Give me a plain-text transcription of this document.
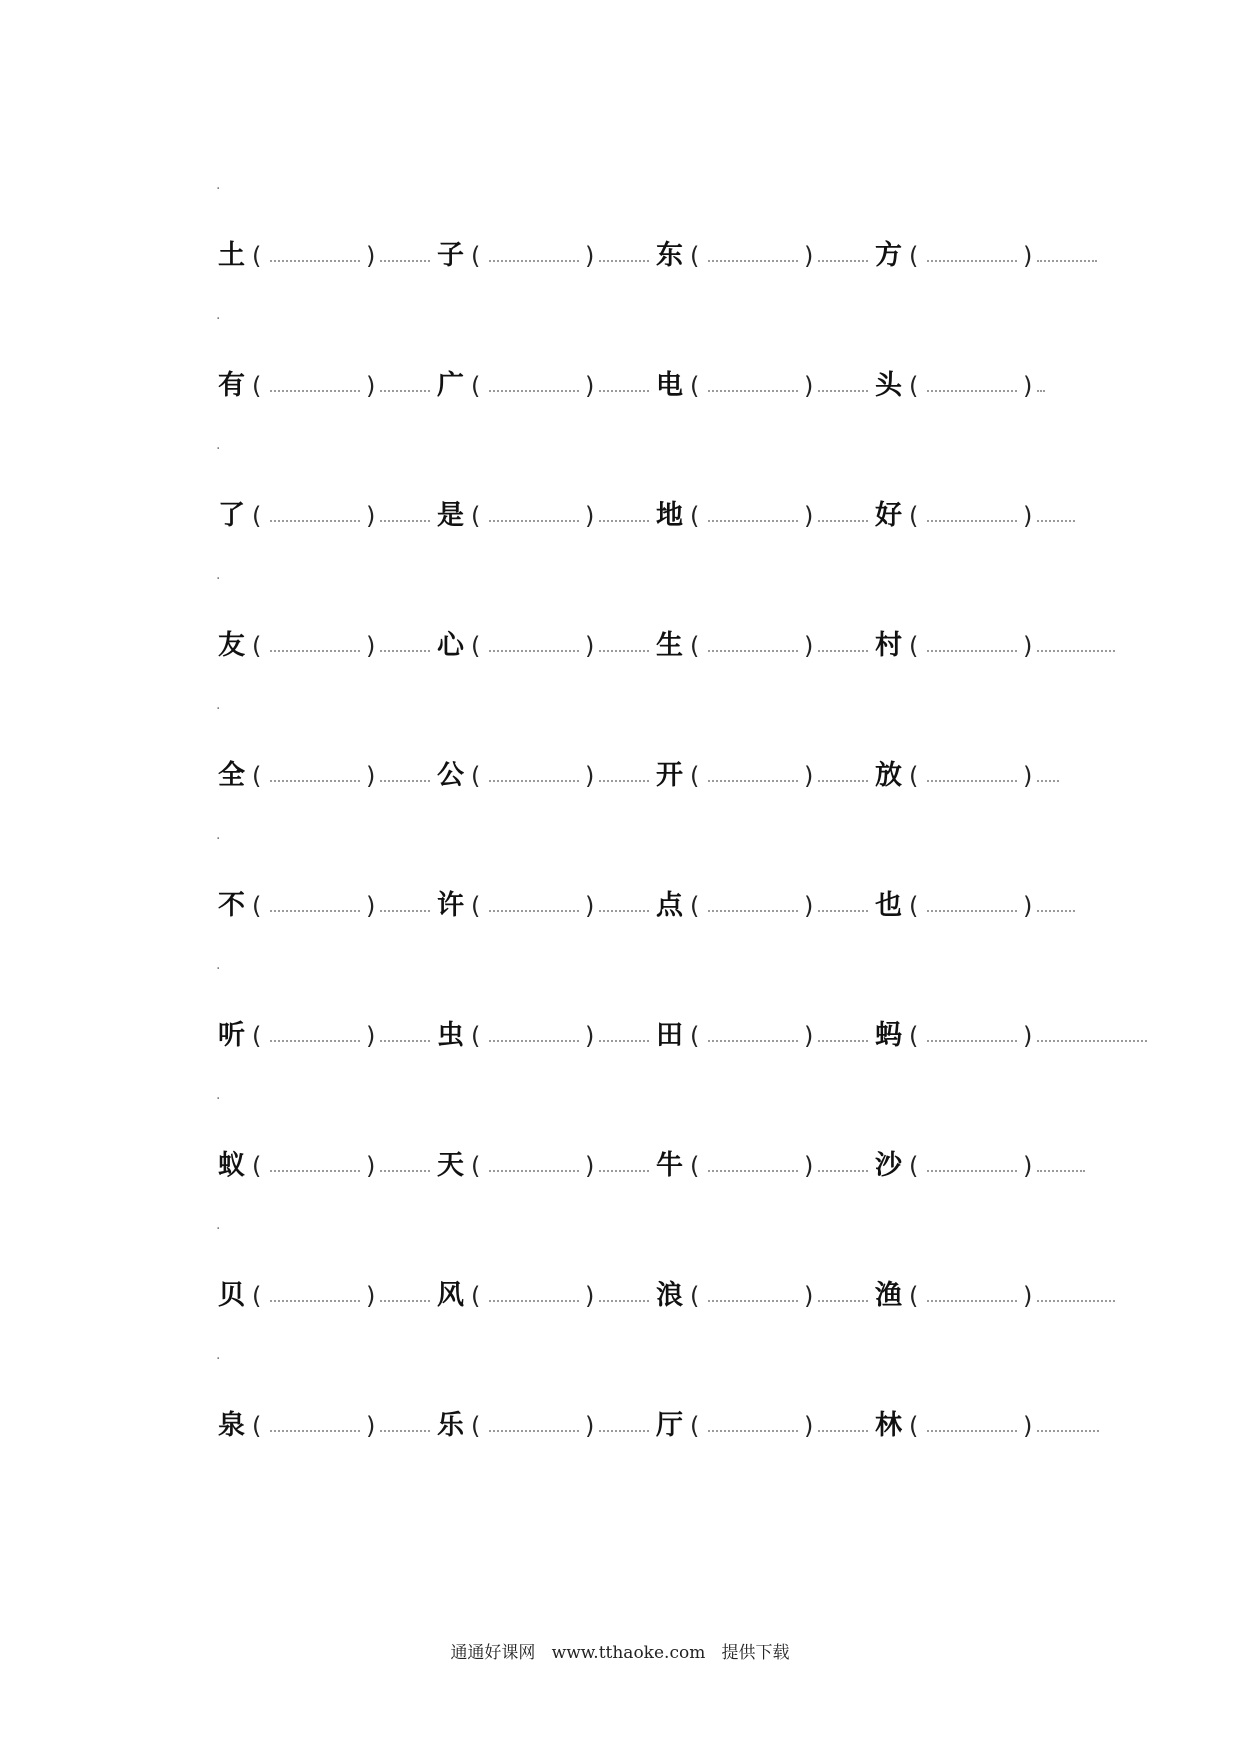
·
土 (	) 子 (	) 东 (	) 方 (	)
·
有 (	) 广 (	) 电 (	) 头 (	)
·
了 (	) 是 (	) 地 (	) 好 (	)
·
友 (	) 心 (	) 生 (	) 村 (	)
·
全 (	) 公 (	) 开 (	) 放 (	)
·
不 (	) 许 (	) 点 (	) 也 (	)
·
听 (	) 虫 (	) 田 (	) 蚂 (	)
·
蚁 (	) 天 (	) 牛 (	) 沙 (	)
·
贝 (	) 风 (	) 浪 (	) 渔 (	)
·
泉 (	) 乐 (	) 厅 (	) 林 (	)
通通好课网 www.tthaoke.com 提供下载
